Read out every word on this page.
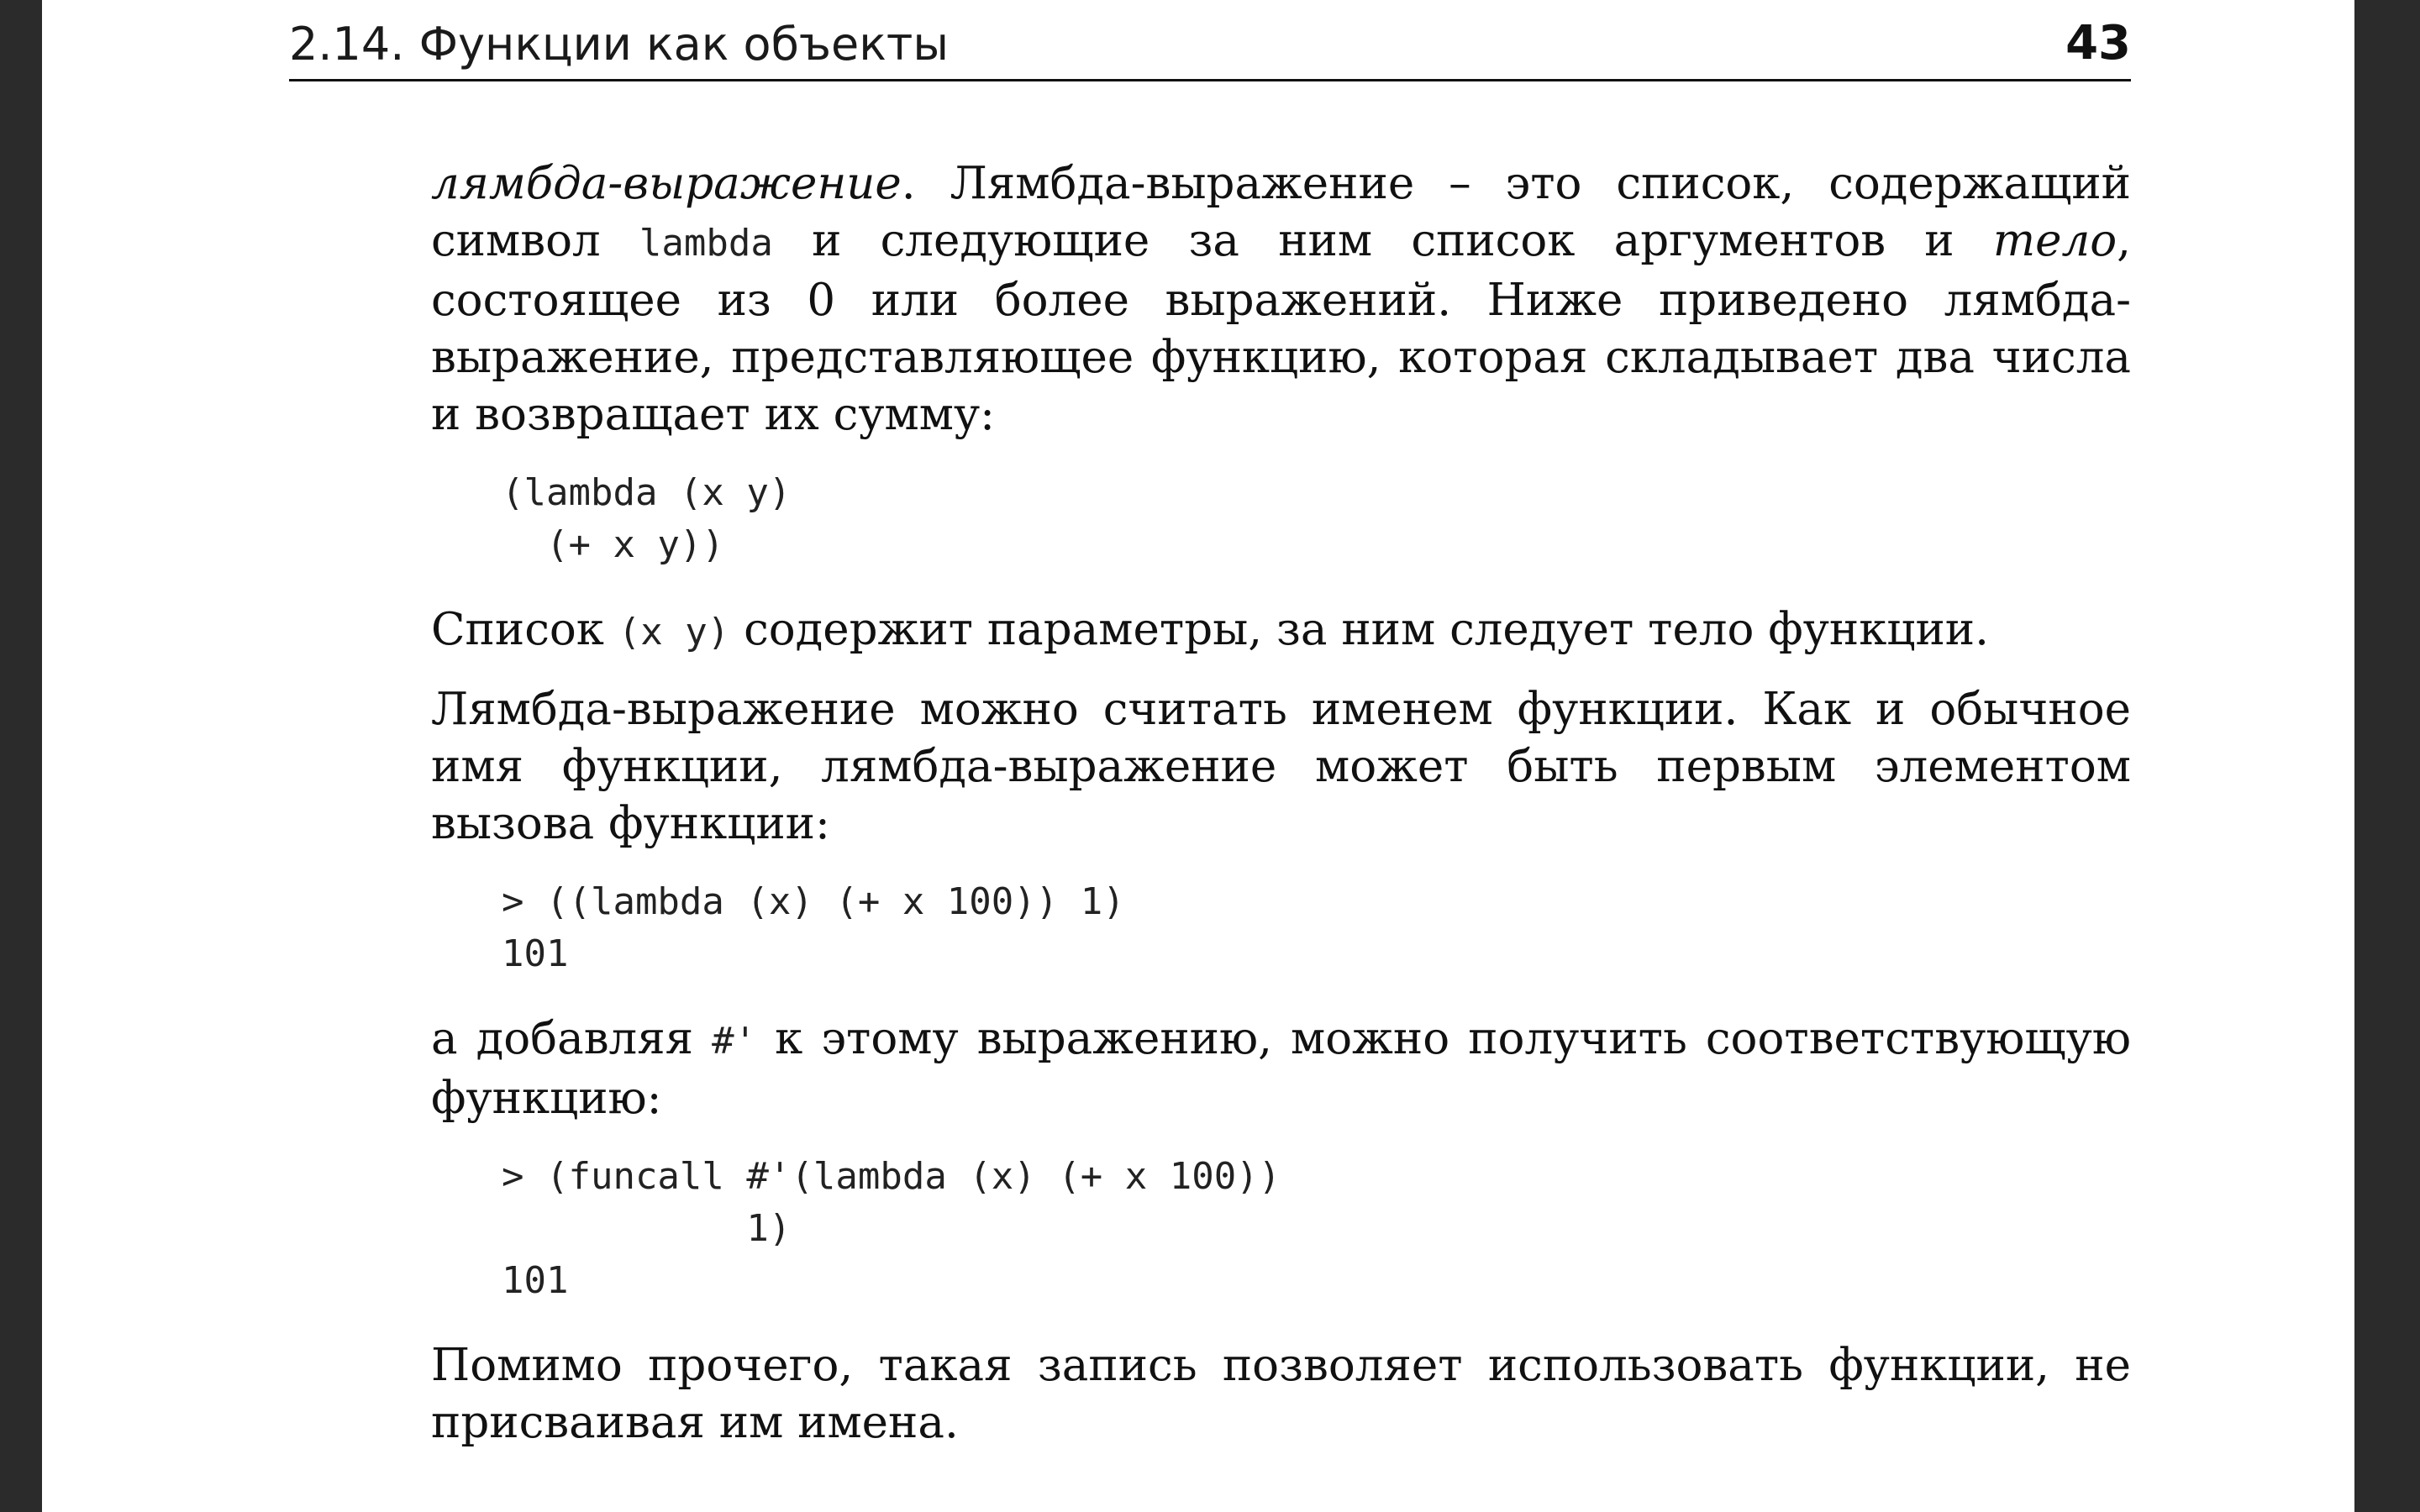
2.14. Функции как объекты	43

лямбда-выражение. Лямбда-выражение – это список, содержащий символ lambda и следующие за ним список аргументов и тело, состоящее из 0 или более выражений. Ниже приведено лямбда-выражение, представляющее функцию, которая складывает два числа и возвращает их сумму:

(lambda (x y)
(+ x y))

Список (x y) содержит параметры, за ним следует тело функции.

Лямбда-выражение можно считать именем функции. Как и обычное имя функции, лямбда-выражение может быть первым элементом вызова функции:

> ((lambda (x) (+ x 100)) 1)
101

а добавляя #' к этому выражению, можно получить соответствующую функцию:

> (funcall #'(lambda (x) (+ x 100))
1)
101

Помимо прочего, такая запись позволяет использовать функции, не присваивая им имена.
